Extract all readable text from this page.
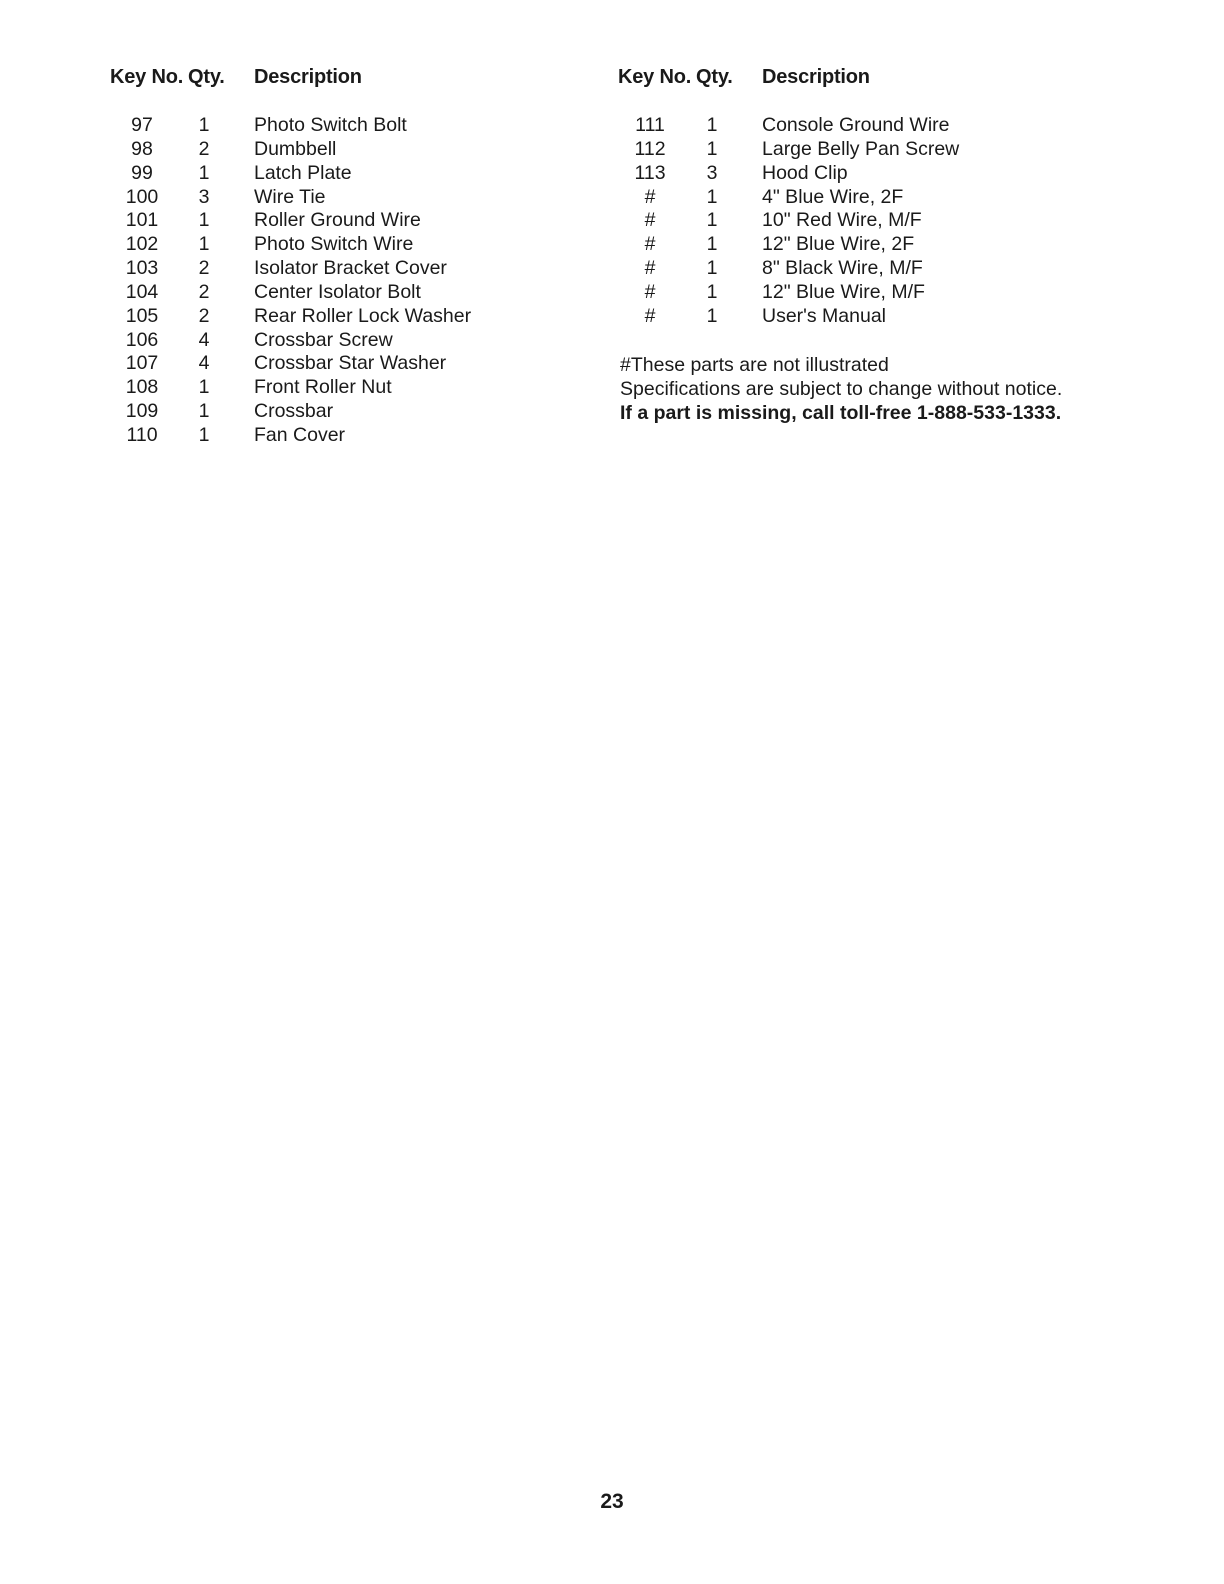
Key No. Qty. Description
97	1	Photo Switch Bolt
98	2	Dumbbell
99	1	Latch Plate
100	3	Wire Tie
101	1	Roller Ground Wire
102	1	Photo Switch Wire
103	2	Isolator Bracket Cover
104	2	Center Isolator Bolt
105	2	Rear Roller Lock Washer
106	4	Crossbar Screw
107	4	Crossbar Star Washer
108	1	Front Roller Nut
109	1	Crossbar
110	1	Fan Cover
Key No. Qty. Description
111	1	Console Ground Wire
112	1	Large Belly Pan Screw
113	3	Hood Clip
#	1	4" Blue Wire, 2F
#	1	10" Red Wire, M/F
#	1	12" Blue Wire, 2F
#	1	8" Black Wire, M/F
#	1	12" Blue Wire, M/F
#	1	User's Manual
#These parts are not illustrated
Specifications are subject to change without notice.
If a part is missing, call toll-free 1-888-533-1333.
23
